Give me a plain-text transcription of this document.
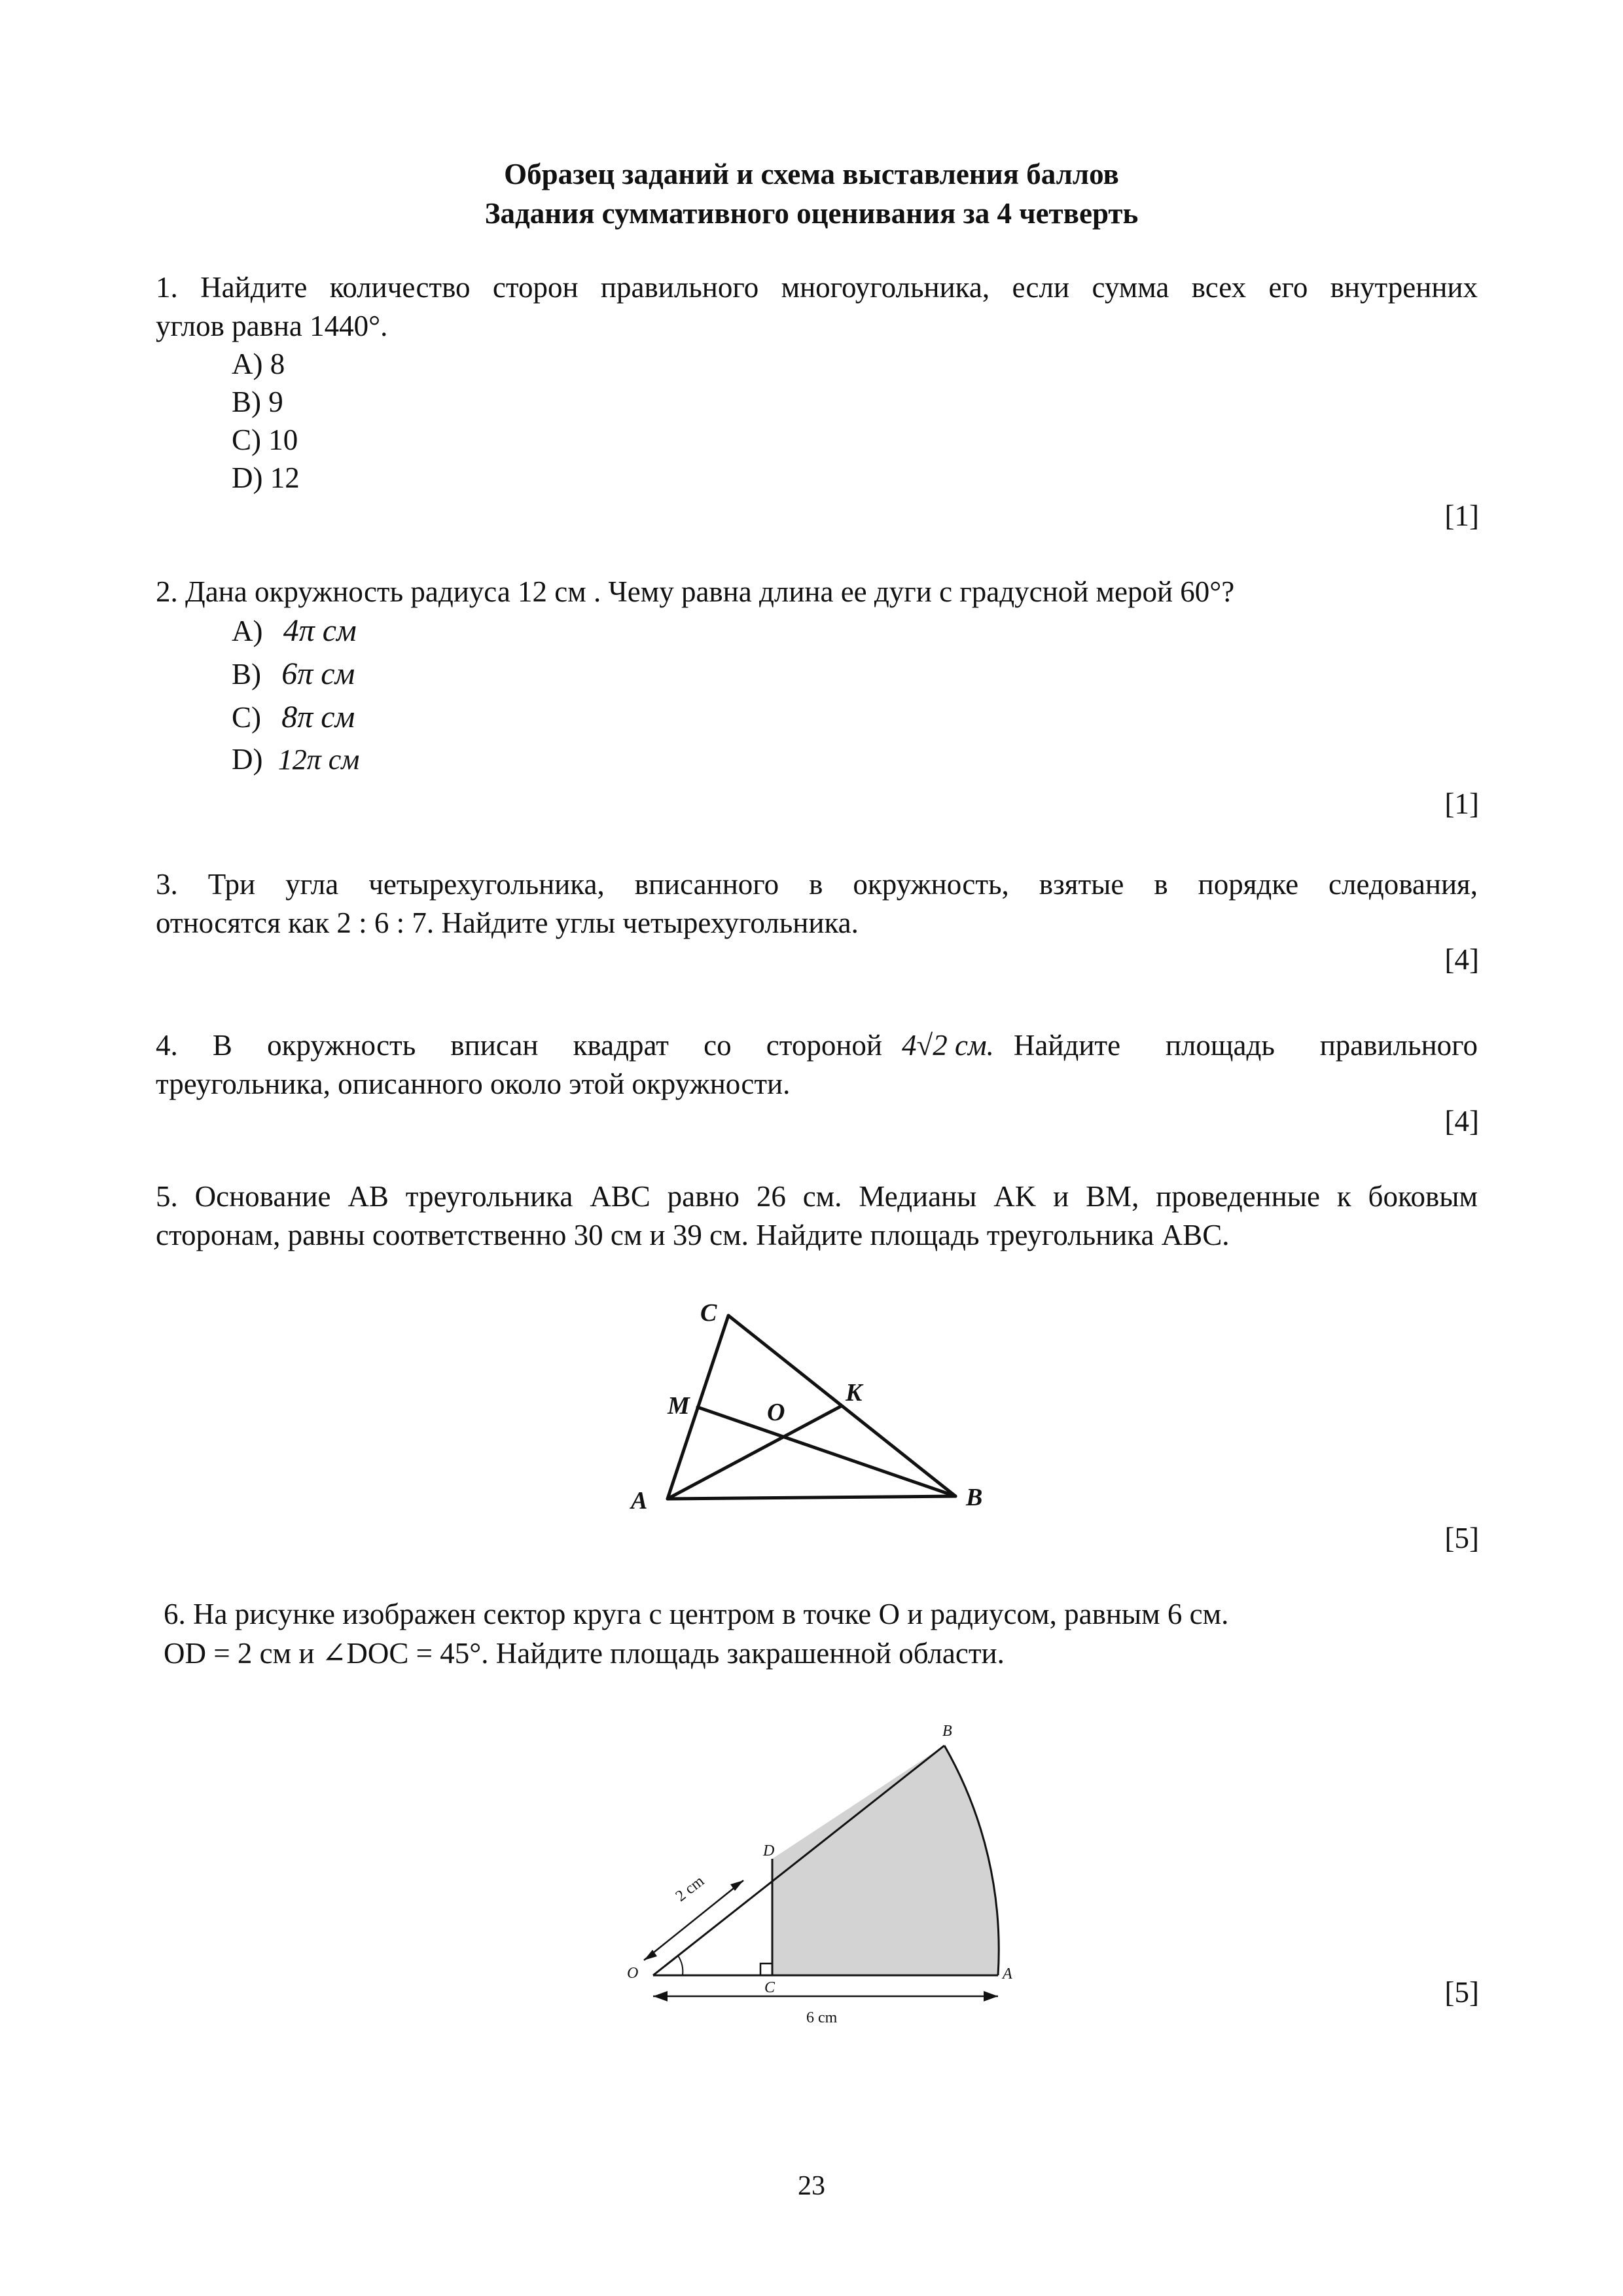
Образец заданий и схема выставления баллов
Задания суммативного оценивания за 4 четверть
1. Найдите количество сторон правильного многоугольника, если сумма всех его внутренних
углов равна 1440°.
A) 8
B) 9
C) 10
D) 12
[1]
2. Дана окружность радиуса 12 см . Чему равна длина ее дуги с градусной мерой 60°?
A) 4π см
B) 6π см
C) 8π см
D) 12π см
[1]
3. Три угла четырехугольника, вписанного в окружность, взятые в порядке следования,
относятся как 2 : 6 : 7. Найдите углы четырехугольника.
[4]
4. В окружность вписан квадрат со стороной 4√2 см. Найдите площадь правильного
треугольника, описанного около этой окружности.
[4]
5. Основание AB треугольника ABC равно 26 см. Медианы AK и BM, проведенные к боковым
сторонам, равны соответственно 30 см и 39 см. Найдите площадь треугольника ABC.
C
M	K
O
A	B
[5]
6. На рисунке изображен сектор круга с центром в точке O и радиусом, равным 6 см.
OD = 2 см и ∠DOC = 45°. Найдите площадь закрашенной области.
O
C
A
B
D
2 cm
6 cm
[5]
23
